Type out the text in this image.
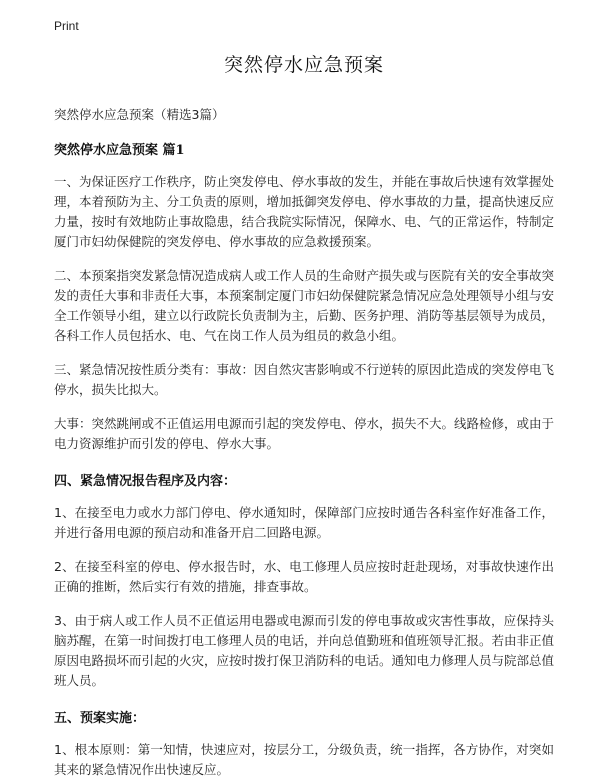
Print
突然停水应急预案
突然停水应急预案（精选3篇）
突然停水应急预案 篇1
一、为保证医疗工作秩序，防止突发停电、停水事故的发生，并能在事故后快速有效掌握处理，本着预防为主、分工负责的原则，增加抵御突发停电、停水事故的力量，提高快速反应力量，按时有效地防止事故隐患，结合我院实际情况，保障水、电、气的正常运作，特制定厦门市妇幼保健院的突发停电、停水事故的应急救援预案。
二、本预案指突发紧急情况造成病人或工作人员的生命财产损失或与医院有关的安全事故突发的责任大事和非责任大事，本预案制定厦门市妇幼保健院紧急情况应急处理领导小组与安全工作领导小组，建立以行政院长负责制为主，后勤、医务护理、消防等基层领导为成员，各科工作人员包括水、电、气在岗工作人员为组员的救急小组。
三、紧急情况按性质分类有：事故：因自然灾害影响或不行逆转的原因此造成的突发停电飞停水，损失比拟大。
大事：突然跳闸或不正值运用电源而引起的突发停电、停水，损失不大。线路检修，或由于电力资源维护而引发的停电、停水大事。
四、紧急情况报告程序及内容：
1、在接至电力或水力部门停电、停水通知时，保障部门应按时通告各科室作好准备工作，并进行备用电源的预启动和准备开启二回路电源。
2、在接至科室的停电、停水报告时，水、电工修理人员应按时赶赴现场，对事故快速作出正确的推断，然后实行有效的措施，排查事故。
3、由于病人或工作人员不正值运用电器或电源而引发的停电事故或灾害性事故，应保持头脑苏醒，在第一时间拨打电工修理人员的电话，并向总值勤班和值班领导汇报。若由非正值原因电路损坏而引起的火灾，应按时拨打保卫消防科的电话。通知电力修理人员与院部总值班人员。
五、预案实施：
1、根本原则：第一知情，快速应对，按层分工，分级负责，统一指挥，各方协作，对突如其来的紧急情况作出快速反应。
